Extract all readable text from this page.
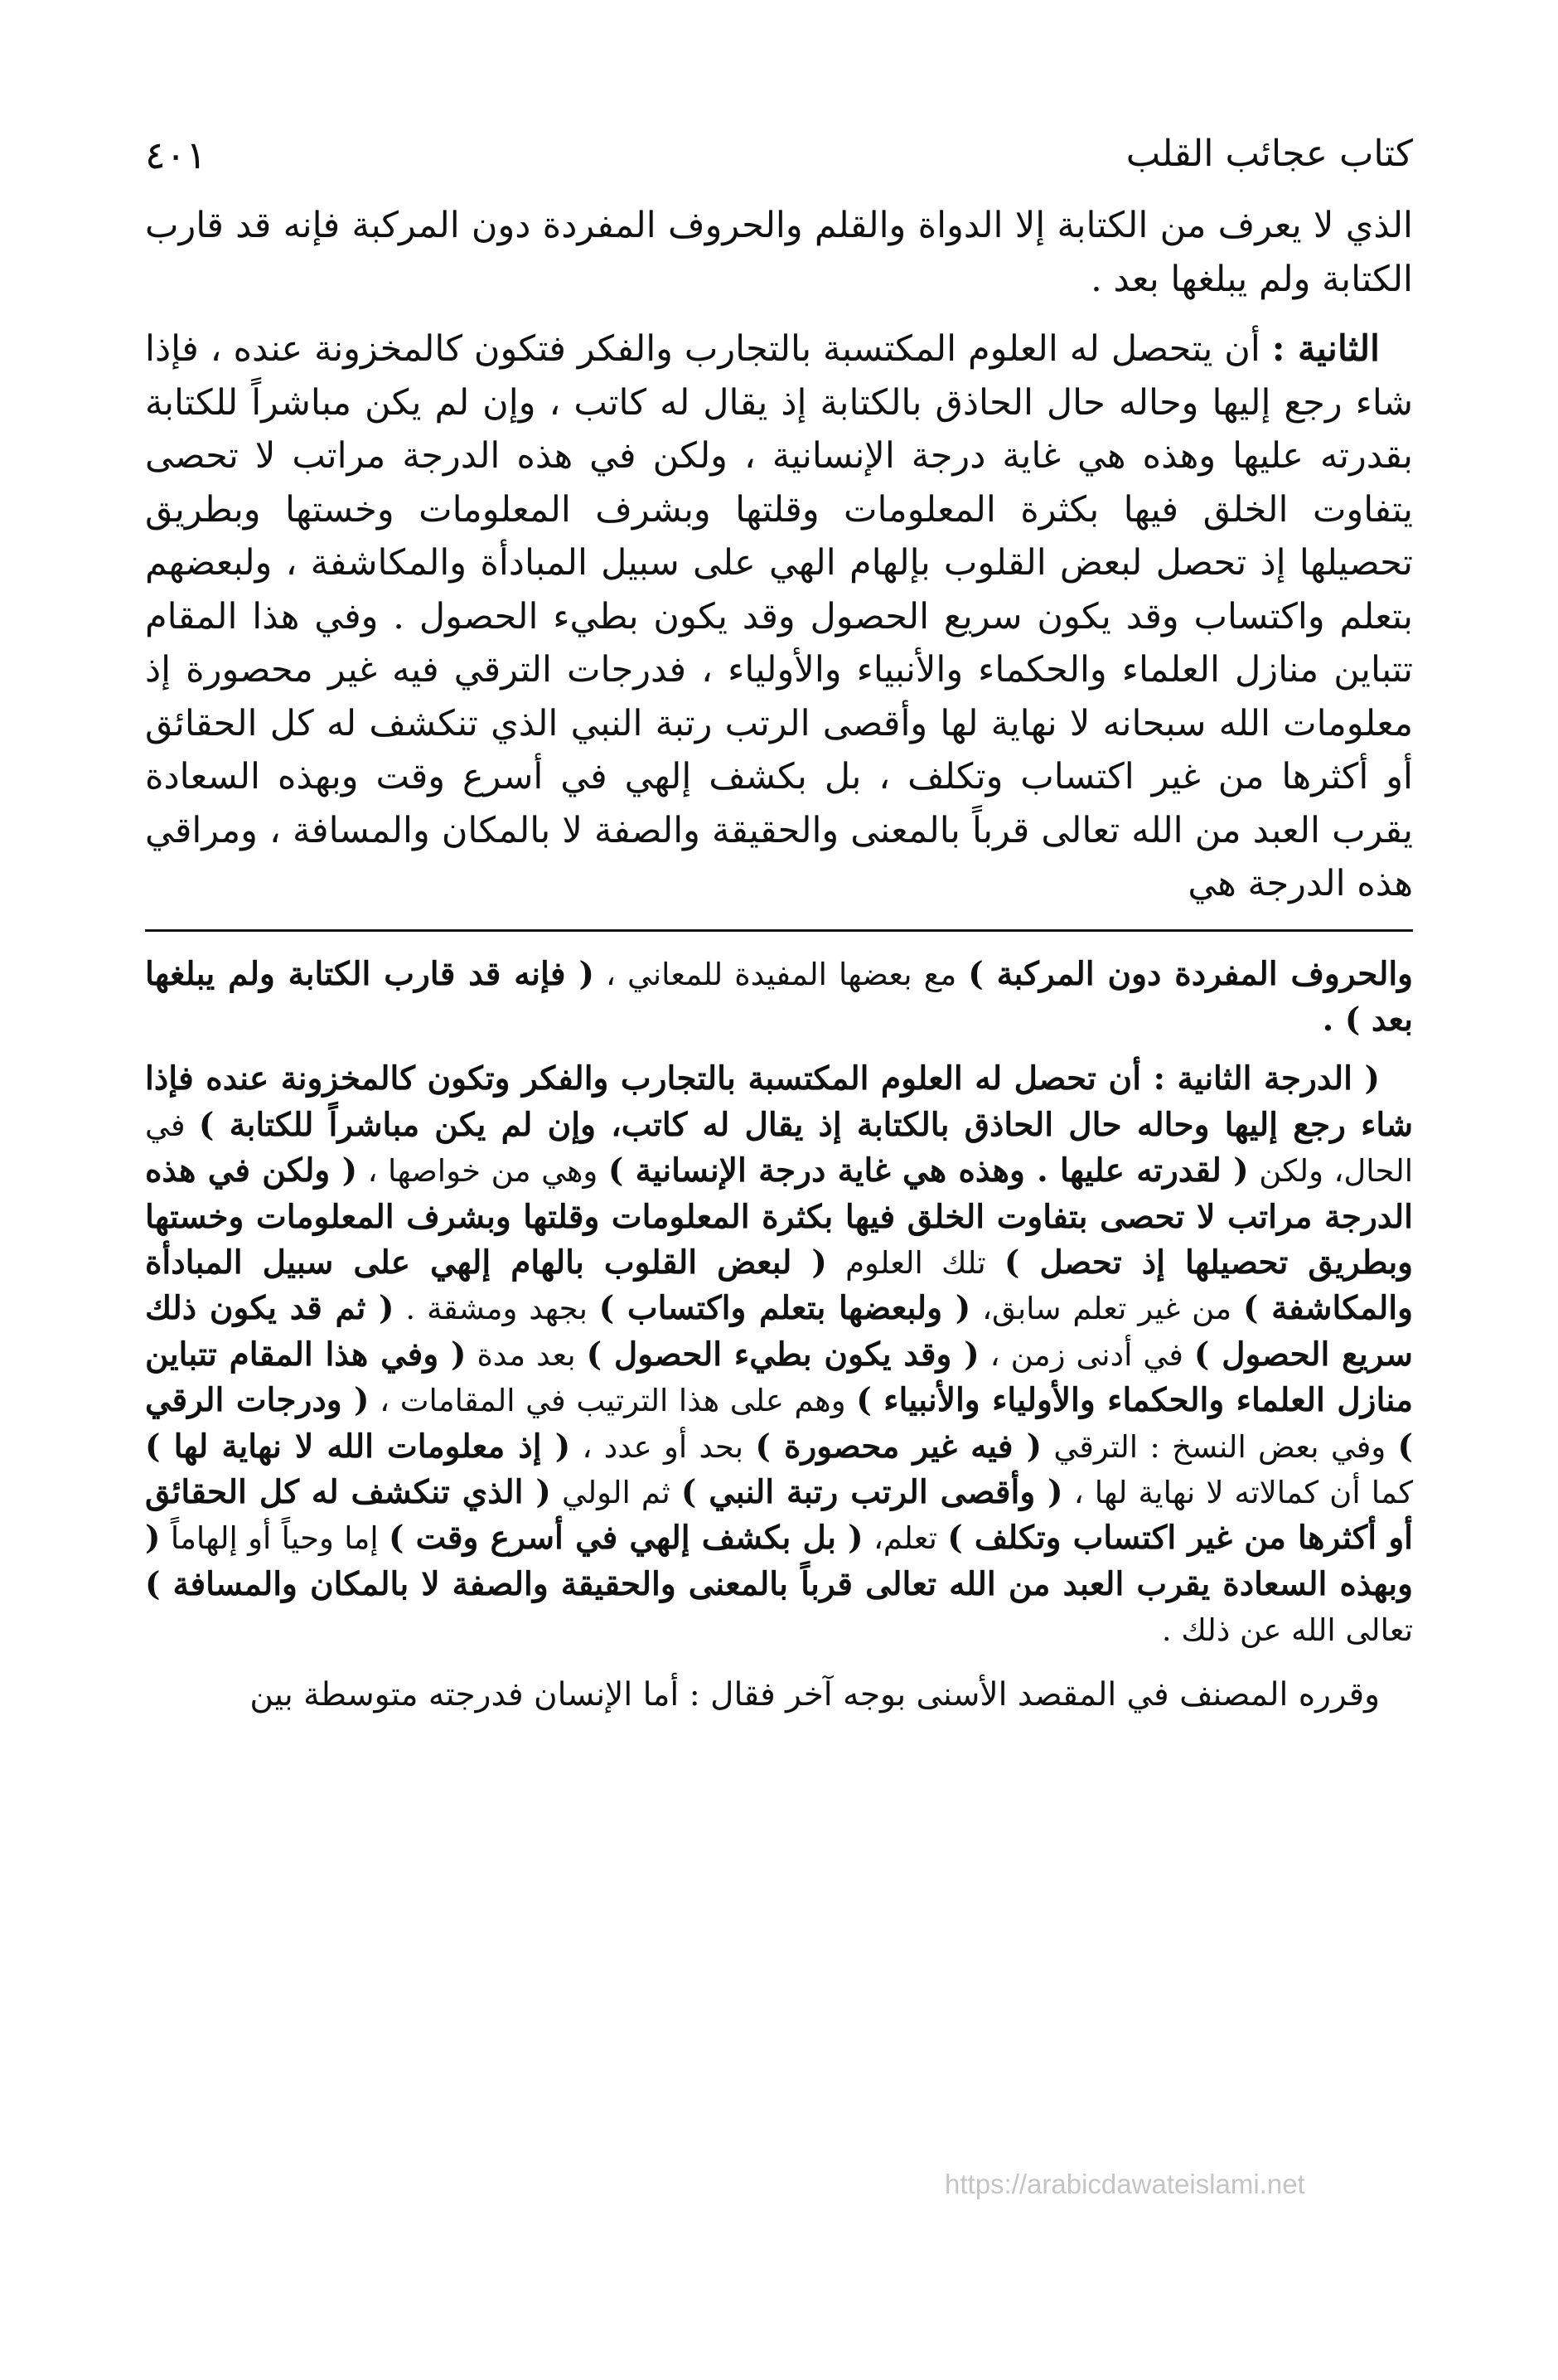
كتاب عجائب القلب
٤٠١

الذي لا يعرف من الكتابة إلا الدواة والقلم والحروف المفردة دون المركبة فإنه قد قارب الكتابة ولم يبلغها بعد .

الثانية : أن يتحصل له العلوم المكتسبة بالتجارب والفكر فتكون كالمخزونة عنده ، فإذا شاء رجع إليها وحاله حال الحاذق بالكتابة إذ يقال له كاتب ، وإن لم يكن مباشراً للكتابة بقدرته عليها وهذه هي غاية درجة الإنسانية ، ولكن في هذه الدرجة مراتب لا تحصى يتفاوت الخلق فيها بكثرة المعلومات وقلتها وبشرف المعلومات وخستها وبطريق تحصيلها إذ تحصل لبعض القلوب بإلهام الهي على سبيل المبادأة والمكاشفة ، ولبعضهم بتعلم واكتساب وقد يكون سريع الحصول وقد يكون بطيء الحصول . وفي هذا المقام تتباين منازل العلماء والحكماء والأنبياء والأولياء ، فدرجات الترقي فيه غير محصورة إذ معلومات الله سبحانه لا نهاية لها وأقصى الرتب رتبة النبي الذي تنكشف له كل الحقائق أو أكثرها من غير اكتساب وتكلف ، بل بكشف إلهي في أسرع وقت وبهذه السعادة يقرب العبد من الله تعالى قرباً بالمعنى والحقيقة والصفة لا بالمكان والمسافة ، ومراقي هذه الدرجة هي

والحروف المفردة دون المركبة ) مع بعضها المفيدة للمعاني ، ( فإنه قد قارب الكتابة ولم يبلغها بعد ) .

( الدرجة الثانية : أن تحصل له العلوم المكتسبة بالتجارب والفكر وتكون كالمخزونة عنده فإذا شاء رجع إليها وحاله حال الحاذق بالكتابة إذ يقال له كاتب، وإن لم يكن مباشراً للكتابة ) في الحال، ولكن ( لقدرته عليها . وهذه هي غاية درجة الإنسانية ) وهي من خواصها ، ( ولكن في هذه الدرجة مراتب لا تحصى بتفاوت الخلق فيها بكثرة المعلومات وقلتها وبشرف المعلومات وخستها وبطريق تحصيلها إذ تحصل ) تلك العلوم ( لبعض القلوب بالهام إلهي على سبيل المبادأة والمكاشفة ) من غير تعلم سابق، ( ولبعضها بتعلم واكتساب ) بجهد ومشقة . ( ثم قد يكون ذلك سريع الحصول ) في أدنى زمن ، ( وقد يكون بطيء الحصول ) بعد مدة ( وفي هذا المقام تتباين منازل العلماء والحكماء والأولياء والأنبياء ) وهم على هذا الترتيب في المقامات ، ( ودرجات الرقي ) وفي بعض النسخ : الترقي ( فيه غير محصورة ) بحد أو عدد ، ( إذ معلومات الله لا نهاية لها ) كما أن كمالاته لا نهاية لها ، ( وأقصى الرتب رتبة النبي ) ثم الولي ( الذي تنكشف له كل الحقائق أو أكثرها من غير اكتساب وتكلف ) تعلم، ( بل بكشف إلهي في أسرع وقت ) إما وحياً أو إلهاماً ( وبهذه السعادة يقرب العبد من الله تعالى قرباً بالمعنى والحقيقة والصفة لا بالمكان والمسافة ) تعالى الله عن ذلك .

وقرره المصنف في المقصد الأسنى بوجه آخر فقال : أما الإنسان فدرجته متوسطة بين

https://arabicdawateislami.net
